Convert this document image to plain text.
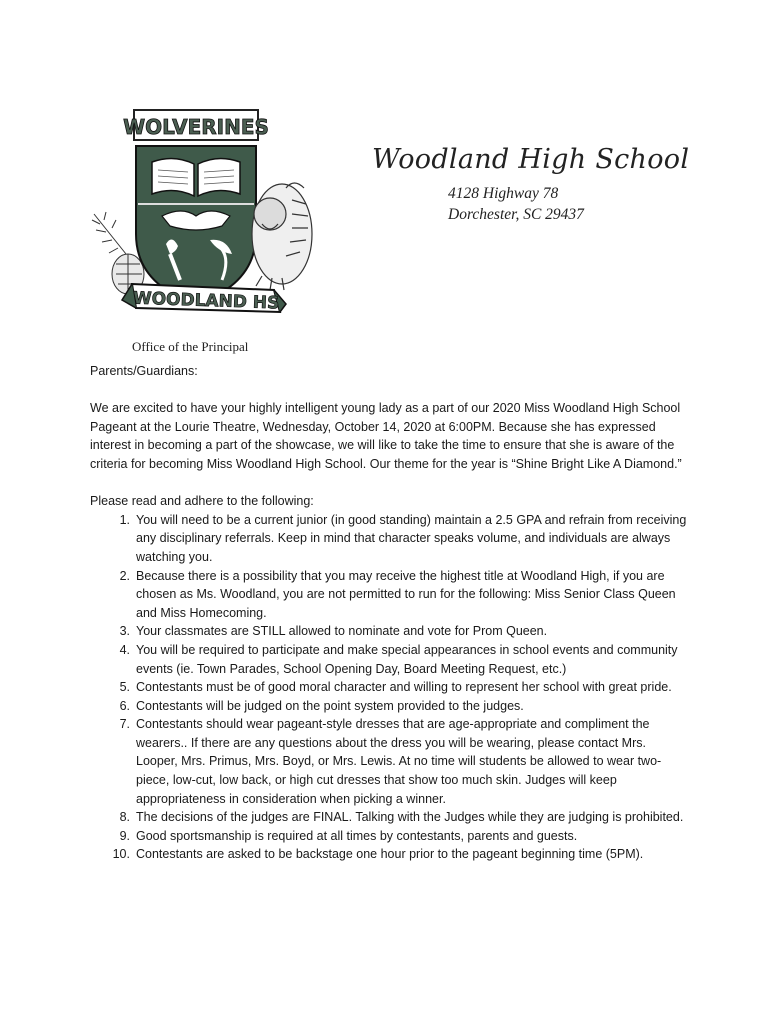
WOLVERINES
WOODLAND HS
Office of the Principal
Woodland High School
4128 Highway 78
Dorchester, SC 29437

Parents/Guardians:

We are excited to have your highly intelligent young lady as a part of our 2020 Miss Woodland High School Pageant at the Lourie Theatre, Wednesday, October 14, 2020 at 6:00PM. Because she has expressed interest in becoming a part of the showcase, we will like to take the time to ensure that she is aware of the criteria for becoming Miss Woodland High School. Our theme for the year is “Shine Bright Like A Diamond.”

Please read and adhere to the following:

1. You will need to be a current junior (in good standing) maintain a 2.5 GPA and refrain from receiving any disciplinary referrals. Keep in mind that character speaks volume, and individuals are always watching you.
2. Because there is a possibility that you may receive the highest title at Woodland High, if you are chosen as Ms. Woodland, you are not permitted to run for the following: Miss Senior Class Queen and Miss Homecoming.
3. Your classmates are STILL allowed to nominate and vote for Prom Queen.
4. You will be required to participate and make special appearances in school events and community events (ie. Town Parades, School Opening Day, Board Meeting Request, etc.)
5. Contestants must be of good moral character and willing to represent her school with great pride.
6. Contestants will be judged on the point system provided to the judges.
7. Contestants should wear pageant-style dresses that are age-appropriate and compliment the wearers.. If there are any questions about the dress you will be wearing, please contact Mrs. Looper, Mrs. Primus, Mrs. Boyd, or Mrs. Lewis. At no time will students be allowed to wear two-piece, low-cut, low back, or high cut dresses that show too much skin. Judges will keep appropriateness in consideration when picking a winner.
8. The decisions of the judges are FINAL. Talking with the Judges while they are judging is prohibited.
9. Good sportsmanship is required at all times by contestants, parents and guests.
10. Contestants are asked to be backstage one hour prior to the pageant beginning time (5PM).
